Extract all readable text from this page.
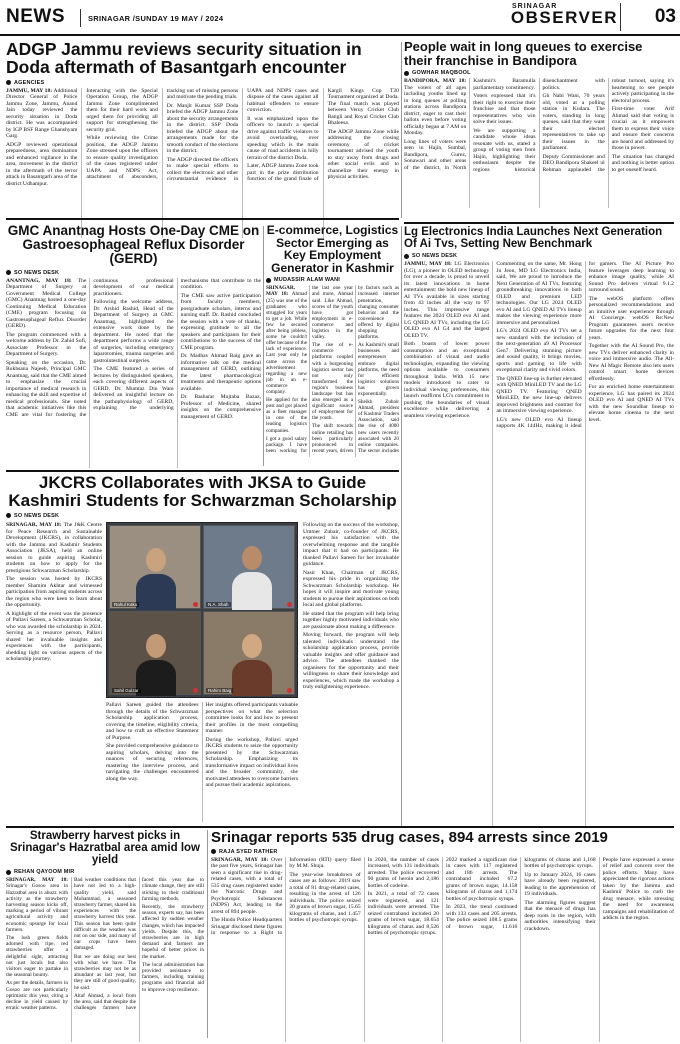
NEWS	SRINAGAR /SUNDAY 19 MAY / 2024
SRINAGAR
OBSERVER	03
ADGP Jammu reviews security situation in Doda aftermath of Basantgarh encounter
AGENCIES

JAMMU, MAY 18: Additional Director General of Police Jammu Zone, Jammu, Anand Jain today reviewed the security situation in Doda district. He was accompanied by IGP BSF Range Ghanshyam Garg.

ADGP reviewed operational preparedness, area domination and enhanced vigilance in the area, movement in the district in the aftermath of the terror attack in Basantgarh area of the district Udhampur.

Interacting with the Special Operation Group, the ADGP Jammu Zone complimented them for their hard work and urged them for providing all support for strengthening the security grid.

While reviewing the Crime position, the ADGP Jammu Zone stressed upon the officers to ensure quality investigation of the cases registered under UAPA and NDPS Act, attachment of absconders, tracking out of missing persons and motivate the pending trials.

Dr. Manjit Kumar SSP Doda briefed the ADGP Jammu Zone about the security arrangements in the district. SSP Doda briefed the ADGP about the arrangements made for the smooth conduct of the elections in the district.

The ADGP directed the officers to make special efforts to collect the electronic and other circumstantial evidence in UAPA and NDPS cases and dispose of the cases against all habitual offenders to ensure conviction.

It was emphasized upon the officers to launch a special drive against traffic violators to avoid overloading, over speeding which is the main cause of road accidents in hilly terrain of the district Doda.

Later, ADGP Jammu Zone took part in the prize distribution function of the grand finale of Kargil Kings Cup T20 Tournament organized at Doda. The final match was played between Veruy Cricket Club Bangli and Royal Cricket Club Bhaleesa.

The ADGP Jammu Zone while addressing the closing ceremony of cricket tournament advised the youth to stay away from drugs and other social evils and to channelize their energy in physical activities.

People wait in long queues to exercise their franchise in Bandipora
GOWHAR MAQBOOL

BANDIPORA, MAY 18: The voters of all ages including youths lined up in long queues at polling stations across Bandipora district, eager to cast their ballots even before voting officially began at 7 AM on Monday.

Long lines of voters were seen in Hajin, Sumbal, Bandipora, Gurez, Sonawari and other areas of the district, in North Kashmir's Baramulla parliamentary constituency.

Voters expressed that it's their right to exercise their franchise and that those representatives who win solve their issues.

We are supporting a candidate whose ideas resonate with us, stated a group of voting men from Hajin, highlighting their enthusiasm despite the regions historical disenchantment with politics.

Gh Nabi Wani, 70 years old, voted at a polling station in Kudara. The voters, standing in long queues, said that they want their elected representatives to take up their issues in the parliament.

Deputy Commissioner and DEO Bandipora Shakeel ul Rehman applauded the robust turnout, saying it's heartening to see people actively participating in the electoral process.

First-time voter Arif Ahmad said that voting is crucial as it empowers them to express their voice and ensure their concerns are heard and addressed by those in power.

The situation has changed and nothing is better option to get oneself heard.

GMC Anantnag Hosts One-Day CME on Gastroesophageal Reflux Disorder (GERD)
SO NEWS DESK

ANANTNAG, MAY 18: The Department of Surgery at Government Medical College (GMC) Anantnag hosted a one-day Continuing Medical Education (CME) program focusing on Gastroesophageal Reflux Disorder (GERD).

The program commenced with a welcome address by Dr. Zahid Sofi, Associate Professor in the Department of Surgery.

Speaking on the occasion, Dr. Rukhsana Najeeb, Principal GMC Anantnag, said that the CME aimed to emphasize the crucial importance of medical research in enhancing the skill and expertise of medical professionals. She noted that academic initiatives like this CME are vital for fostering the continuous professional development of our medical practitioners.

Following the welcome address, Dr. Arshid Rashid, Head of the Department of Surgery at GMC Anantnag, highlighted the extensive work done by the department. He noted that the department performs a wide range of surgeries, including emergency laparotomies, trauma surgeries and gastrointestinal surgeries.

The CME featured a series of lectures by distinguished speakers, each covering different aspects of GERD. Dr. Mumtaz Din Wani delivered an insightful lecture on the pathophysiology of GERD, explaining the underlying mechanisms that contribute to the condition.

The CME saw active participation from faculty members, postgraduate scholars, interns and nursing staff. Dr. Rashid concluded the session with a vote of thanks, expressing gratitude to all the speakers and participants for their contributions to the success of the CME program.

Dr. Madhav Ahmad Baig gave an informative talk on the medical management of GERD, outlining the latest pharmacological treatments and therapeutic options available.

Dr. Basharat Mujtaba Bazaz, Professor of Medicine, shared insights on the comprehensive management of GERD.

E-commerce, Logistics Sector Emerging as Key Employment Generator in Kashmir
MUDASSIR ALAM WANI

SRINAGAR, MAY 18: Ahmad (25) was one of the graduates who struggled for years to get a job. While few he secured after being jobless, some he couldn't offer because of the lack of experience. Last year only he came across the advertisement regarding a new job in an e-commerce company.

He applied for the post and got placed as a fleet manager in one of the leading logistics companies.

I got a good salary package. I have been working for the last one year and more, Ahmad said. Like Ahmad, scores of the youth have got employment in e-commerce and logistics in the valley.

The rise of e-commerce platforms coupled with a burgeoning logistics sector has not only transformed the region's business landscape but has also emerged as a significant source of employment for the youth.

The shift towards online retailing has been particularly pronounced in recent years, driven by factors such as increased internet penetration, changing consumer behavior and the convenience offered by digital shopping platforms.

As Kashmir's small businesses and entrepreneurs embrace digital platforms, the need for efficient logistics solutions has grown exponentially.

Sheikh Zubair Ahmad, president of Kashmir Traders Association, said the rise of 4000 new users recently associated with 20 online companies. The sector includes

Lg Electronics India Launches Next Generation Of Ai Tvs, Setting New Benchmark
SO NEWS DESK

JAMMU, MAY 18: LG Electronics (LG), a pioneer in OLED technology for over a decade, is proud to unveil its latest innovations in home entertainment: the bold new lineup of AI TVs available in sizes starting from 43 inches all the way to 97 inches. This impressive range features the 2024 OLED evo AI and LG QNED AI TVs, including the LG OLED evo AI G4 and the largest OLED TV.

Both boasts of lower power consumption and an exceptional combination of visual and audio technologies, expanding the viewing options available to consumers throughout India. With 15 new models introduced to cater to individual viewing preferences, this launch reaffirms LG's commitment to pushing the boundaries of visual excellence while delivering a seamless viewing experience.

Commenting on the same, Mr. Hong Ju Jeon, MD LG Electronics India, said, We are proud to introduce the Next Generation of AI TVs, featuring groundbreaking innovations in both OLED and premium LED technologies. Our LG 2024 OLED evo AI and LG QNED AI TVs lineup makes the viewing experience more immersive and personalized.

LG's 2024 OLED evo AI TVs set a new standard with the inclusion of the next-generation a9 AI Processor Gen7. Delivering stunning picture and sound quality, it brings movies, sports and gaming to life with exceptional clarity and vivid colors.

The QNED line-up is further elevated with QNED MiniLED TV and the LG QNED TV. Featuring QNED MiniLED, the new line-up delivers improved brightness and contrast for an immersive viewing experience.

LG's new OLED evo AI lineup supports 4K 144Hz, making it ideal for gamers. The AI Picture Pro feature leverages deep learning to enhance image quality, while AI Sound Pro delivers virtual 9.1.2 surround sound.

The webOS platform offers personalized recommendations and an intuitive user experience through AI Concierge. webOS Re:New Program guarantees users receive future upgrades for the next four years.

Together with the AI Sound Pro, the new TVs deliver enhanced clarity in voice and immersive audio. The All-New AI Magic Remote also lets users control smart home devices effortlessly.

For an enriched home entertainment experience, LG has paired its 2024 OLED evo AI and QNED AI TVs with the new Soundbar lineup to elevate home cinema to the next level.

JKCRS Collaborates with JKSA to Guide Kashmiri Students for Schwarzman Scholarship
SO NEWS DESK

SRINAGAR, MAY 18: The J&K Centre for Peace Research and Sustainable Development (JKCRS), in collaboration with the Jammu and Kashmir Students Association (JKSA), held an online session to guide aspiring Kashmiri students on how to apply for the prestigious Schwarzman Scholarship.

The session was hosted by JKCRS member Shamim Akhtar and witnessed participation from aspiring students across the region who were keen to learn about the opportunity.

A highlight of the event was the presence of Pallavi Sareen, a Schwarzman Scholar, who was awarded the scholarship in 2024. Serving as a resource person, Pallavi shared her invaluable insights and experiences with the participants, shedding light on various aspects of the scholarship journey.

Pallavi Sareen guided the attendees through the details of the Schwarzman Scholarship application process, covering the timeline, eligibility criteria, and how to craft an effective Statement of Purpose.

She provided comprehensive guidance to aspiring scholars, delving into the nuances of securing references, mastering the interview process, and navigating the challenges encountered along the way.

Her insights offered participants valuable perspectives on what the selection committee looks for and how to present their profiles in the most compelling manner.

During the workshop, Pallavi urged JKCRS students to seize the opportunity presented by the Schwarzman Scholarship. Emphasizing its transformative impact on individual lives and the broader community, she motivated attendees to overcome barriers and pursue their academic aspirations.

Following on the success of the workshop, Ummer Zubair, co-founder of JKCRS, expressed his satisfaction with the overwhelming response and the tangible impact that it had on participants. He thanked Pallavi Sareen for her invaluable guidance.

Nasir Khan, Chairman of JKCRS, expressed his pride in organizing the Schwarzman Scholarship workshop. He hopes it will inspire and motivate young students to pursue their aspirations on both local and global platforms.

He stated that the program will help bring together highly motivated individuals who are passionate about making a difference.

Moving forward, the program will help talented individuals understand the scholarship application process, provide valuable insights and offer guidance and advice. The attendees thanked the organisers for the opportunity and their willingness to share their knowledge and experiences, which made the workshop a truly enlightening experience.

Rahul Kaku	N.A. Shah
Sahil Gulzar	Rahim Baig
Strawberry harvest picks in Srinagar's Hazratbal area amid low yield
REHAN QAYOOM MIR

SRINAGAR, MAY 18: Srinagar's Gosoo area in Hazratbal area is abuzz with activity as the strawberry harvesting season kicks off, marking a period of vibrant agricultural activity and economic upsurge for local farmers.

The lush green fields adorned with ripe, red strawberries offer a delightful sight, attracting not just locals but also visitors eager to partake in the seasonal bounty.

As per the details, farmers in Gosoo are not particularly optimistic this year, citing a decline in yield caused by erratic weather patterns.

Bad weather conditions that have not led to a high-quality yield, said Mohammad, a seasoned strawberry farmer, shared his experiences with the strawberry harvest this year. This season has been quite difficult as the weather was not on our side, and many of our crops have been damaged.

But we are doing our best with what we have. The strawberries may not be as abundant as last year, but they are still of good quality, he said.

Altaf Ahmad, a local from the area, said that despite the challenges farmers have faced this year due to climate change, they are still sticking to their traditional farming methods.

Recently, the strawberry season, experts say, has been affected by sudden weather changes, which has impacted yields. Despite this, the strawberries are in high demand and farmers are hopeful of better prices in the market.

The local administration has provided assistance to farmers, including training programs and financial aid to improve crop resilience.

Srinagar reports 535 drug cases, 894 arrests since 2019
RAJA SYED RATHER

SRINAGAR, MAY 18: Over the past five years, Srinagar has seen a significant rise in drug-related cases, with a total of 535 drug cases registered under the Narcotic Drugs and Psychotropic Substances (NDPS) Act, leading to the arrest of 894 people.

The Hindu Police Headquarters Srinagar disclosed these figures in response to a Right to Information (RTI) query filed by M.M. Shuja.

The year-wise breakdown of cases are as follows: 2019 saw a total of 81 drug-related cases, resulting in the arrest of 126 individuals. The police seized 20 grams of brown sugar, 15.65 kilograms of charas, and 1.457 bottles of psychotropic syrups.

In 2020, the number of cases increased, with 131 individuals arrested. The police recovered 90 grams of heroin and 2,186 bottles of codeine.

In 2021, a total of 72 cases were registered, and 121 individuals were arrested. The seized contraband included 20 grams of brown sugar, 18.654 kilograms of charas and 8,526 bottles of psychotropic syrups.

2022 marked a significant rise in cases with 117 registered and 186 arrests. The contraband included 67.2 grams of brown sugar, 14.158 kilograms of charas and 1,174 bottles of psychotropic syrups.

In 2023, the trend continued with 133 cases and 205 arrests. The police seized 108.5 grams of brown sugar, 11.616 kilograms of charas and 1,168 bottles of psychotropic syrups.

Up to January 2024, 16 cases have already been registered, leading to the apprehension of 19 individuals.

The alarming figures suggest that the menace of drugs has deep roots in the region, with authorities intensifying their crackdown.

People have expressed a sense of relief and concern over the police efforts. Many have appreciated the rigorous actions taken by the Jammu and Kashmir Police to curb the drug menace, while stressing the need for awareness campaigns and rehabilitation of addicts in the region.
